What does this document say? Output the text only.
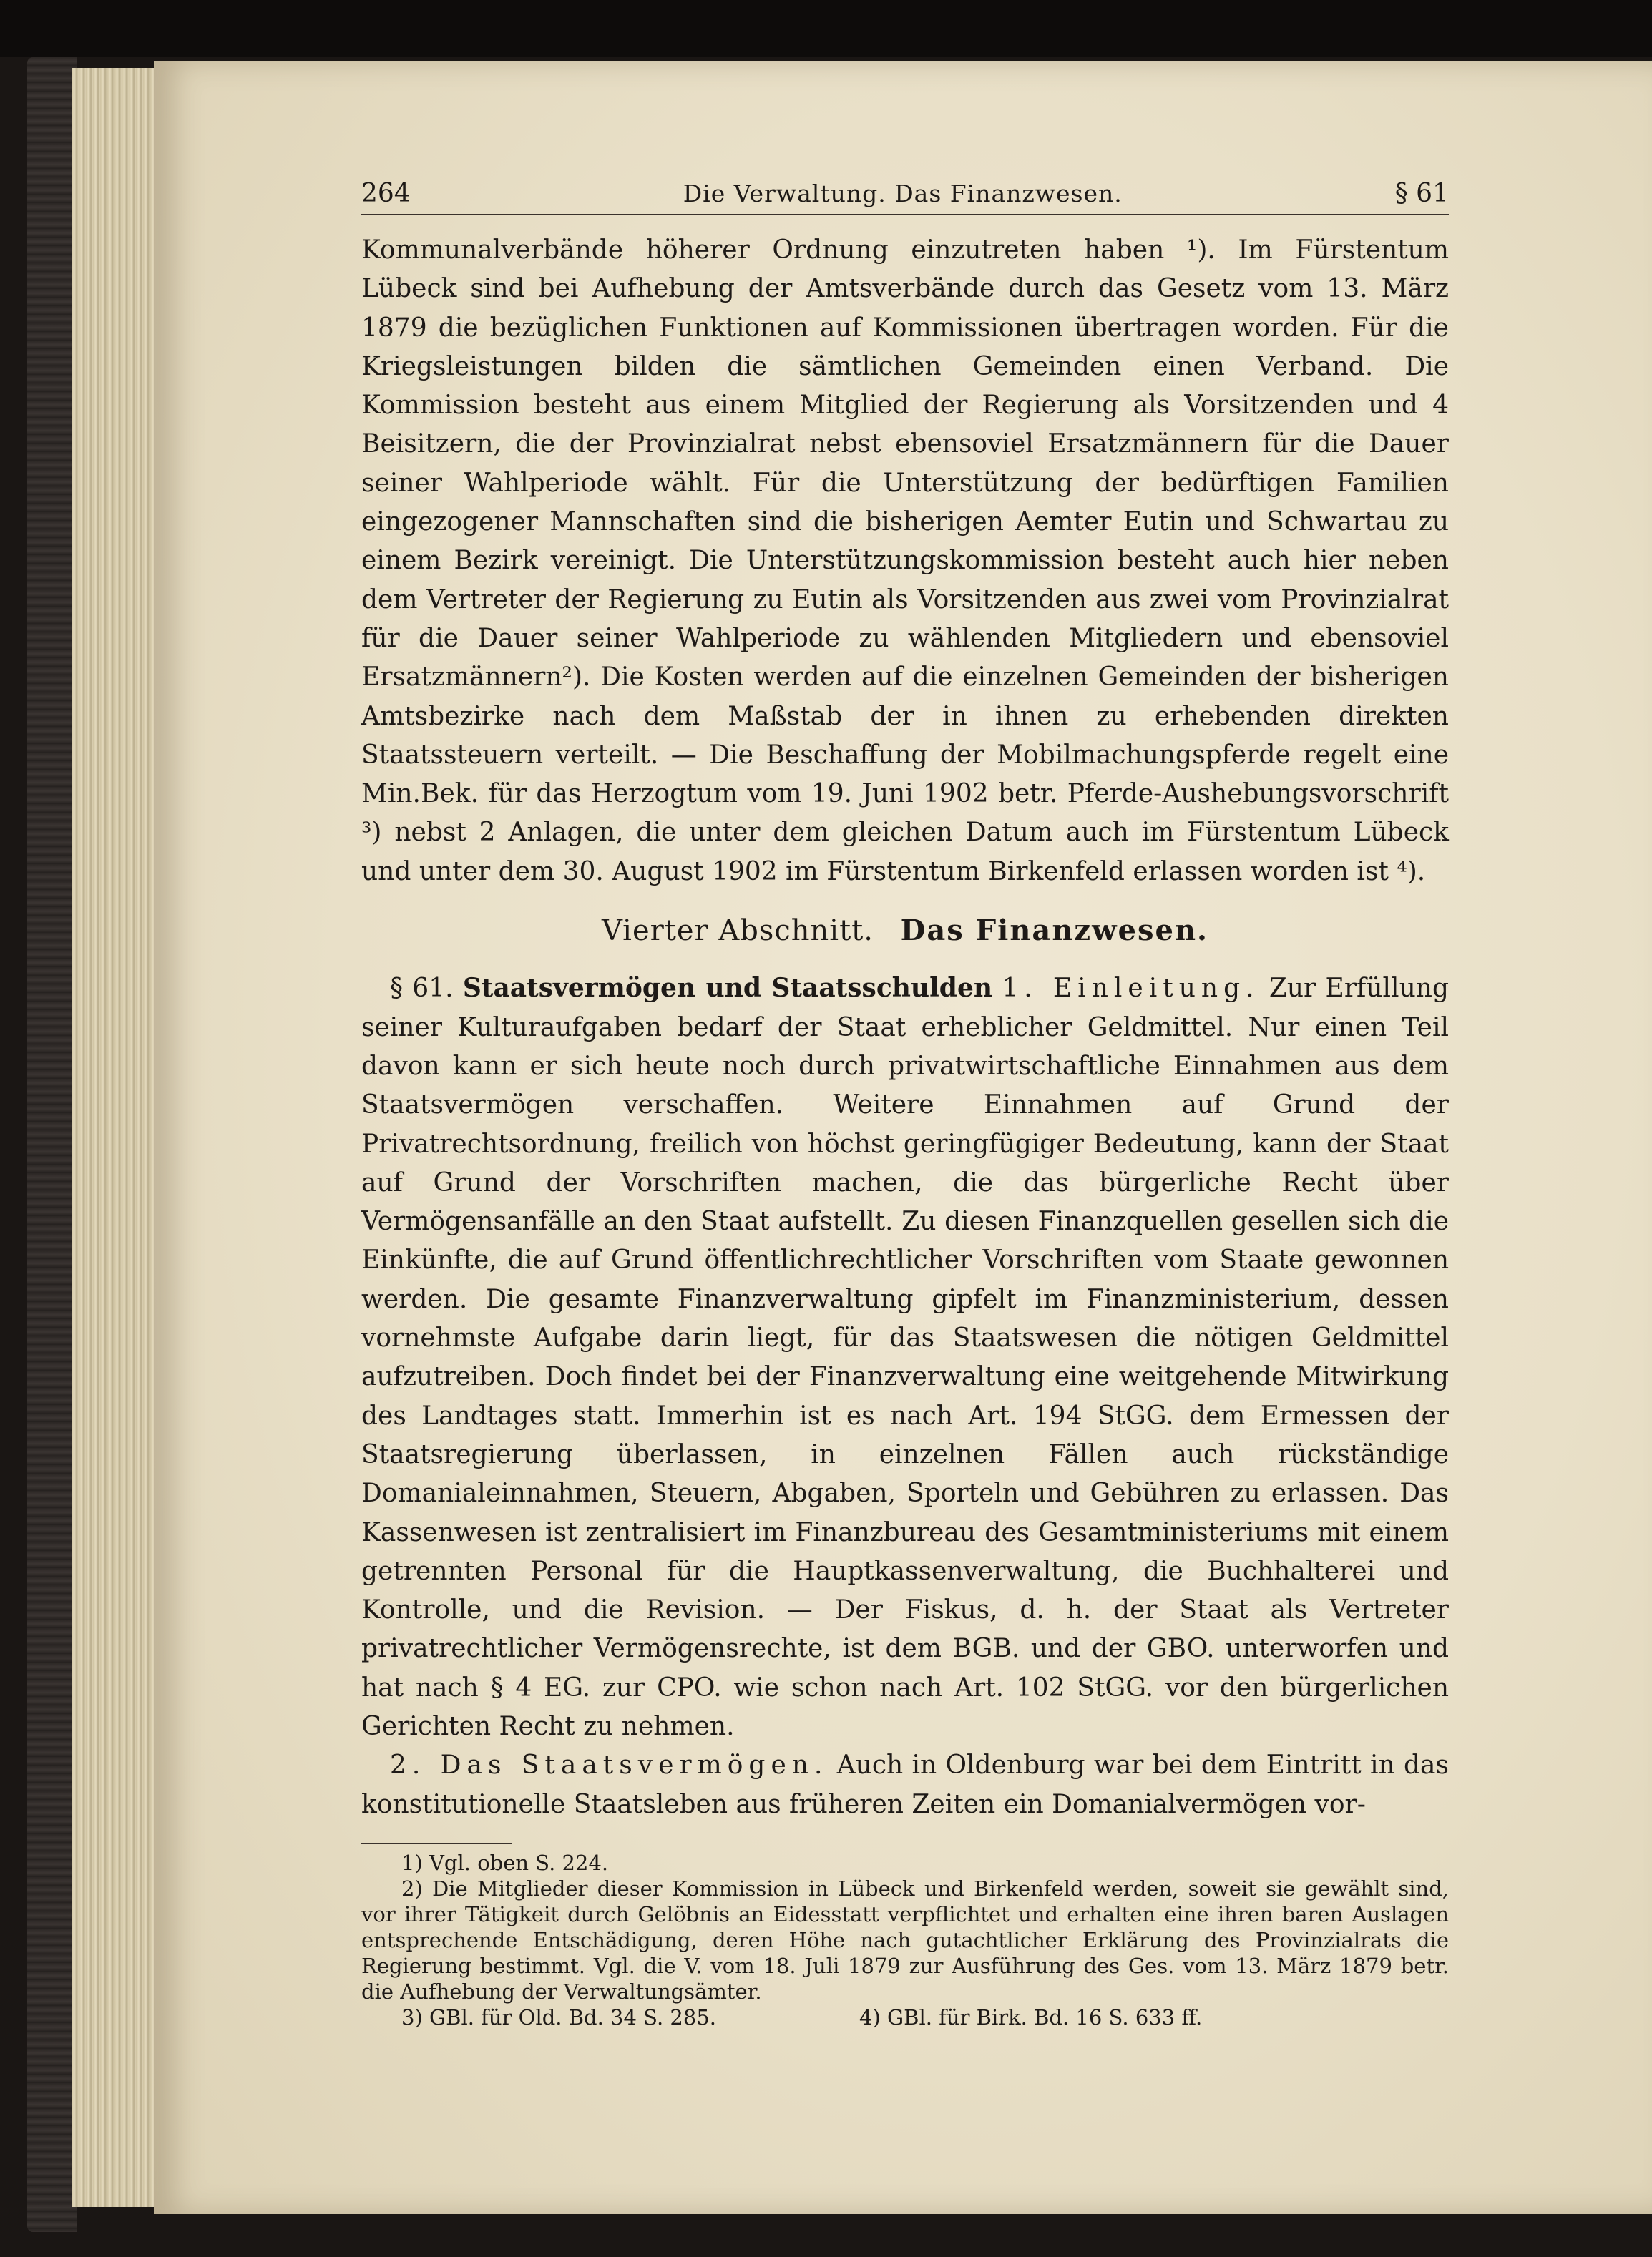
264	Die Verwaltung. Das Finanzwesen.	§ 61

Kommunalverbände höherer Ordnung einzutreten haben ¹). Im Fürstentum Lübeck sind bei Aufhebung der Amtsverbände durch das Gesetz vom 13. März 1879 die bezüglichen Funktionen auf Kommissionen übertragen worden. Für die Kriegsleistungen bilden die sämtlichen Gemeinden einen Verband. Die Kommission besteht aus einem Mitglied der Regierung als Vorsitzenden und 4 Beisitzern, die der Provinzialrat nebst ebensoviel Ersatzmännern für die Dauer seiner Wahlperiode wählt. Für die Unterstützung der bedürftigen Familien eingezogener Mannschaften sind die bisherigen Aemter Eutin und Schwartau zu einem Bezirk vereinigt. Die Unterstützungskommission besteht auch hier neben dem Vertreter der Regierung zu Eutin als Vorsitzenden aus zwei vom Provinzialrat für die Dauer seiner Wahlperiode zu wählenden Mitgliedern und ebensoviel Ersatzmännern²). Die Kosten werden auf die einzelnen Gemeinden der bisherigen Amtsbezirke nach dem Maßstab der in ihnen zu erhebenden direkten Staatssteuern verteilt. — Die Beschaffung der Mobilmachungspferde regelt eine Min.Bek. für das Herzogtum vom 19. Juni 1902 betr. Pferde-Aushebungsvorschrift ³) nebst 2 Anlagen, die unter dem gleichen Datum auch im Fürstentum Lübeck und unter dem 30. August 1902 im Fürstentum Birkenfeld erlassen worden ist ⁴).

Vierter Abschnitt. Das Finanzwesen.

§ 61. Staatsvermögen und Staatsschulden 1. Einleitung. Zur Erfüllung seiner Kulturaufgaben bedarf der Staat erheblicher Geldmittel. Nur einen Teil davon kann er sich heute noch durch privatwirtschaftliche Einnahmen aus dem Staatsvermögen verschaffen. Weitere Einnahmen auf Grund der Privatrechtsordnung, freilich von höchst geringfügiger Bedeutung, kann der Staat auf Grund der Vorschriften machen, die das bürgerliche Recht über Vermögensanfälle an den Staat aufstellt. Zu diesen Finanzquellen gesellen sich die Einkünfte, die auf Grund öffentlichrechtlicher Vorschriften vom Staate gewonnen werden. Die gesamte Finanzverwaltung gipfelt im Finanzministerium, dessen vornehmste Aufgabe darin liegt, für das Staatswesen die nötigen Geldmittel aufzutreiben. Doch findet bei der Finanzverwaltung eine weitgehende Mitwirkung des Landtages statt. Immerhin ist es nach Art. 194 StGG. dem Ermessen der Staatsregierung überlassen, in einzelnen Fällen auch rückständige Domanialeinnahmen, Steuern, Abgaben, Sporteln und Gebühren zu erlassen. Das Kassenwesen ist zentralisiert im Finanzbureau des Gesamtministeriums mit einem getrennten Personal für die Hauptkassenverwaltung, die Buchhalterei und Kontrolle, und die Revision. — Der Fiskus, d. h. der Staat als Vertreter privatrechtlicher Vermögensrechte, ist dem BGB. und der GBO. unterworfen und hat nach § 4 EG. zur CPO. wie schon nach Art. 102 StGG. vor den bürgerlichen Gerichten Recht zu nehmen.

2. Das Staatsvermögen. Auch in Oldenburg war bei dem Eintritt in das konstitutionelle Staatsleben aus früheren Zeiten ein Domanialvermögen vor-

1) Vgl. oben S. 224.

2) Die Mitglieder dieser Kommission in Lübeck und Birkenfeld werden, soweit sie gewählt sind, vor ihrer Tätigkeit durch Gelöbnis an Eidesstatt verpflichtet und erhalten eine ihren baren Auslagen entsprechende Entschädigung, deren Höhe nach gutachtlicher Erklärung des Provinzialrats die Regierung bestimmt. Vgl. die V. vom 18. Juli 1879 zur Ausführung des Ges. vom 13. März 1879 betr. die Aufhebung der Verwaltungsämter.

3) GBl. für Old. Bd. 34 S. 285.	4) GBl. für Birk. Bd. 16 S. 633 ff.
